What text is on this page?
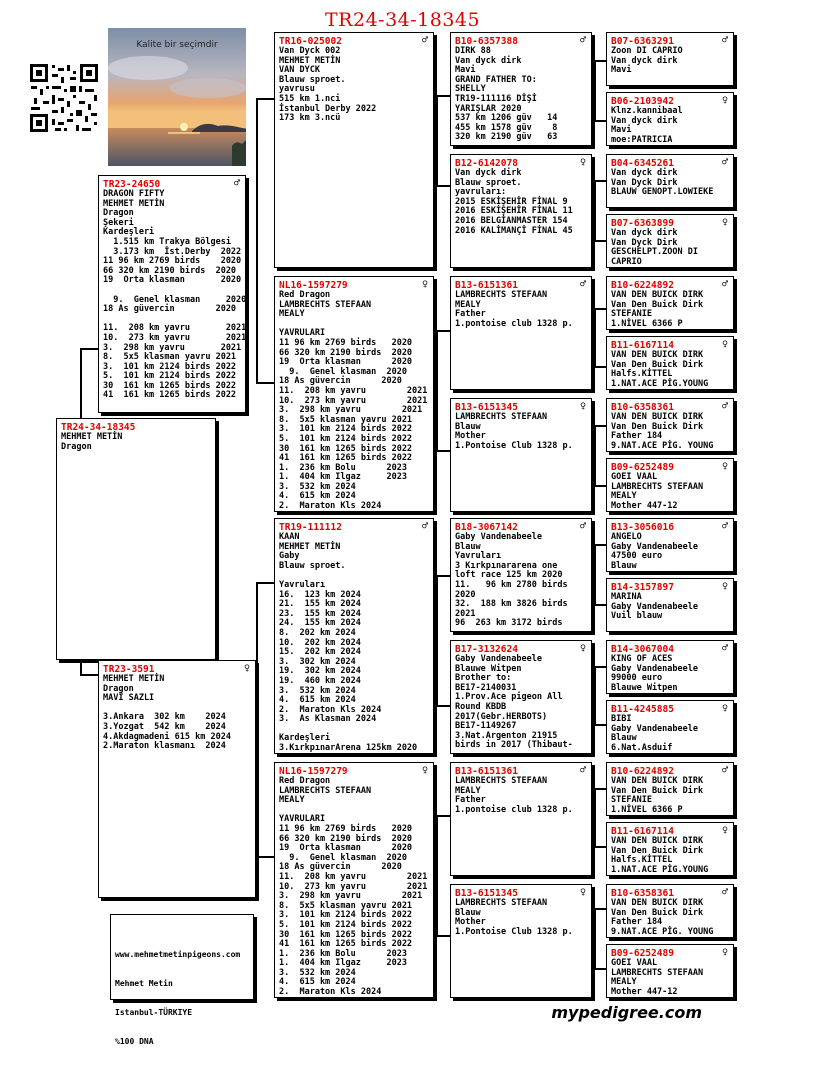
TR24-34-18345
Kalite bir seçimdir
TR24-34-18345
MEHMET METİN
Dragon
TR23-24650	♂
DRAGON FIFTY
MEHMET METİN
Dragon
Şekeri
Kardeşleri
1.515 km Trakya Bölgesi
3.173 km  İst.Derby  2022
11 96 km 2769 birds    2020
66 320 km 2190 birds  2020
19  Orta klasman       2020
9.  Genel klasman     2020
18 As güvercin        2020
11.  208 km yavru       2021
10.  273 km yavru       2021
3.  298 km yavru       2021
8.  5x5 klasman yavru 2021
3.  101 km 2124 birds 2022
5.  101 km 2124 birds 2022
30  161 km 1265 birds 2022
41  161 km 1265 birds 2022
TR23-3591	♀
MEHMET METİN
Dragon
MAVİ SAZLI
3.Ankara  302 km    2024
3.Yozgat  542 km    2024
4.Akdagmadeni 615 km 2024
2.Maraton klasmanı  2024
TR16-025002	♂
Van Dyck 002
MEHMET METİN
VAN DYCK
Blauw sproet.
yavrusu
515 km 1.nci
İstanbul Derby 2022
173 km 3.ncü
NL16-1597279	♀
Red Dragon
LAMBRECHTS STEFAAN
MEALY
YAVRULARI
11 96 km 2769 birds   2020
66 320 km 2190 birds  2020
19  Orta klasman      2020
9.  Genel klasman  2020
18 As güvercin      2020
11.  208 km yavru        2021
10.  273 km yavru        2021
3.  298 km yavru        2021
8.  5x5 klasman yavru 2021
3.  101 km 2124 birds 2022
5.  101 km 2124 birds 2022
30  161 km 1265 birds 2022
41  161 km 1265 birds 2022
1.  236 km Bolu      2023
1.  404 km Ilgaz     2023
3.  532 km 2024
4.  615 km 2024
2.  Maraton Kls 2024
TR19-111112	♂
KAAN
MEHMET METİN
Gaby
Blauw sproet.
Yavruları
16.  123 km 2024
21.  155 km 2024
23.  155 km 2024
24.  155 km 2024
8.  202 km 2024
10.  202 km 2024
15.  202 km 2024
3.  302 km 2024
19.  302 km 2024
19.  460 km 2024
3.  532 km 2024
4.  615 km 2024
2.  Maraton Kls 2024
3.  As Klasman 2024
Kardeşleri
3.KırkpınarArena 125km 2020
NL16-1597279	♀
Red Dragon
LAMBRECHTS STEFAAN
MEALY
YAVRULARI
11 96 km 2769 birds   2020
66 320 km 2190 birds  2020
19  Orta klasman      2020
9.  Genel klasman  2020
18 As güvercin      2020
11.  208 km yavru        2021
10.  273 km yavru        2021
3.  298 km yavru        2021
8.  5x5 klasman yavru 2021
3.  101 km 2124 birds 2022
5.  101 km 2124 birds 2022
30  161 km 1265 birds 2022
41  161 km 1265 birds 2022
1.  236 km Bolu      2023
1.  404 km Ilgaz     2023
3.  532 km 2024
4.  615 km 2024
2.  Maraton Kls 2024
B10-6357388	♂
DIRK 88
Van dyck dirk
Mavi
GRAND FATHER TO:
SHELLY
TR19-111116 DİŞİ
YARIŞLAR 2020
537 km 1206 güv   14
455 km 1578 güv    8
320 km 2190 güv   63
B12-6142078	♀
Van dyck dirk
Blauw sproet.
yavruları:
2015 ESKİŞEHİR FİNAL 9
2016 ESKİŞEHİR FİNAL 11
2016 BELGİANMASTER 154
2016 KALİMANÇİ FİNAL 45
B13-6151361	♂
LAMBRECHTS STEFAAN
MEALY
Father
1.pontoise club 1328 p.
B13-6151345	♀
LAMBRECHTS STEFAAN
Blauw
Mother
1.Pontoise Club 1328 p.
B18-3067142	♂
Gaby Vandenabeele
Blauw
Yavruları
3 Kırkpınararena one
loft race 125 km 2020
11.   96 km 2780 birds
2020
32.  188 km 3826 birds
2021
96  263 km 3172 birds
B17-3132624	♀
Gaby Vandenabeele
Blauwe Witpen
Brother to:
BE17-2140031
1.Prov.Ace pigeon All
Round KBDB
2017(Gebr.HERBOTS)
BE17-1149267
3.Nat.Argenton 21915
birds in 2017 (Thibaut-
B13-6151361	♂
LAMBRECHTS STEFAAN
MEALY
Father
1.pontoise club 1328 p.
B13-6151345	♀
LAMBRECHTS STEFAAN
Blauw
Mother
1.Pontoise Club 1328 p.
B07-6363291	♂
Zoon DI CAPRIO
Van dyck dirk
Mavi
B06-2103942	♀
Klnz.kannibaal
Van dyck dirk
Mavi
moe:PATRICIA
B04-6345261	♂
Van dyck dirk
Van Dyck Dirk
BLAUW GENOPT.LOWIEKE
B07-6363899	♀
Van dyck dirk
Van Dyck Dirk
GESCHELPT.ZOON DI
CAPRIO
B10-6224892	♂
VAN DEN BUICK DIRK
Van Den Buick Dirk
STEFANIE
1.NİVEL 6366 P
B11-6167114	♀
VAN DEN BUICK DIRK
Van Den Buick Dirk
Halfs.KİTTEL
1.NAT.ACE PİG.YOUNG
B10-6358361	♂
VAN DEN BUICK DIRK
Van Den Buick Dirk
Father 184
9.NAT.ACE PİG. YOUNG
B09-6252489	♀
GOEI VAAL
LAMBRECHTS STEFAAN
MEALY
Mother 447-12
B13-3056016	♂
ANGELO
Gaby Vandenabeele
47500 euro
Blauw
B14-3157897	♀
MARINA
Gaby Vandenabeele
Vuil blauw
B14-3067004	♂
KING OF ACES
Gaby Vandenabeele
99000 euro
Blauwe Witpen
B11-4245885	♀
BIBI
Gaby Vandenabeele
Blauw
6.Nat.Asduif
B10-6224892	♂
VAN DEN BUICK DIRK
Van Den Buick Dirk
STEFANIE
1.NİVEL 6366 P
B11-6167114	♀
VAN DEN BUICK DIRK
Van Den Buick Dirk
Halfs.KİTTEL
1.NAT.ACE PİG.YOUNG
B10-6358361	♂
VAN DEN BUICK DIRK
Van Den Buick Dirk
Father 184
9.NAT.ACE PİG. YOUNG
B09-6252489	♀
GOEI VAAL
LAMBRECHTS STEFAAN
MEALY
Mother 447-12

www.mehmetmetinpigeons.com

Mehmet Metin

Istanbul-TÜRKIYE

%100 DNA

mypedigree.com
